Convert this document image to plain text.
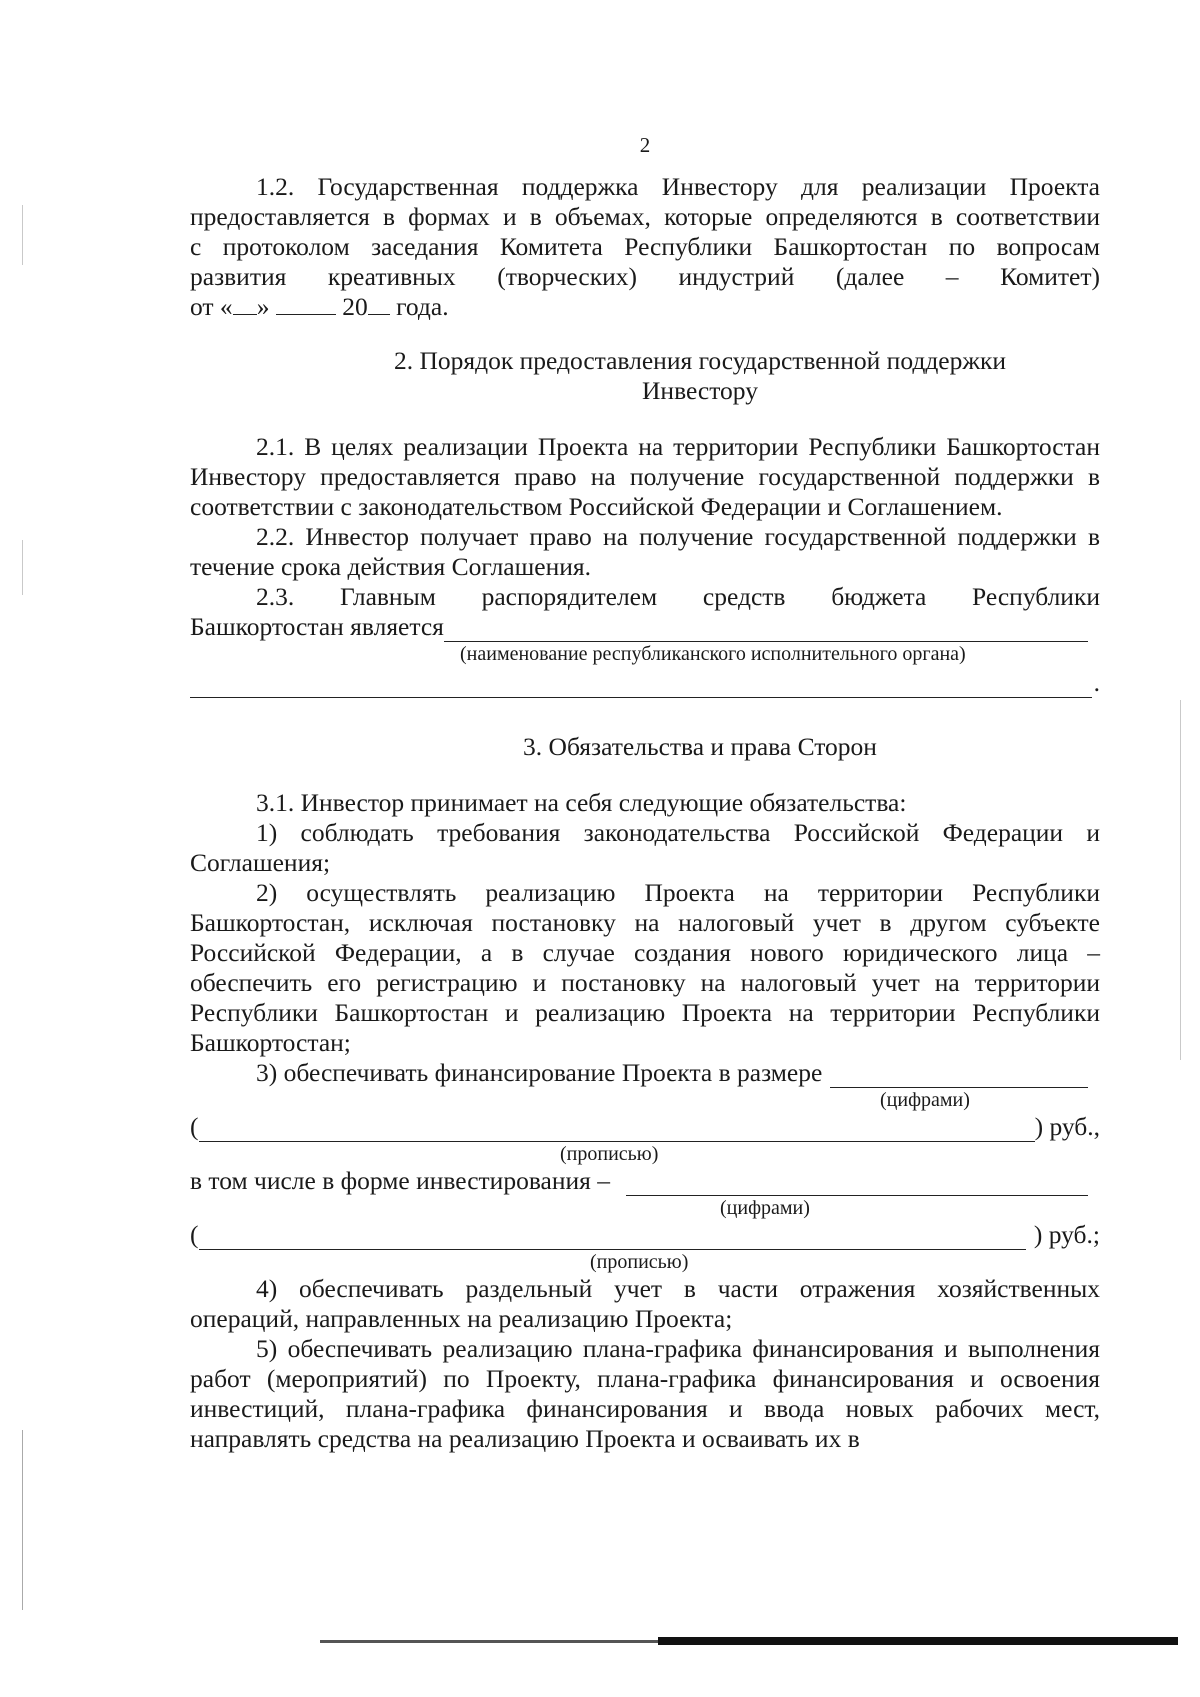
2

1.2. Государственная поддержка Инвестору для реализации Проекта

предоставляется в формах и в объемах, которые определяются в соответствии

с протоколом заседания Комитета Республики Башкортостан по вопросам

развития креативных (творческих) индустрий (далее – Комитет)

от « »	20 года.

2. Порядок предоставления государственной поддержки

Инвестору

2.1. В целях реализации Проекта на территории Республики Башкортостан Инвестору предоставляется право на получение государственной поддержки в соответствии с законодательством Российской Федерации и Соглашением.

2.2. Инвестор получает право на получение государственной поддержки в течение срока действия Соглашения.

2.3. Главным распорядителем средств бюджета Республики

Башкортостан является
(наименование республиканского исполнительного органа)
.

3. Обязательства и права Сторон

3.1. Инвестор принимает на себя следующие обязательства:

1) соблюдать требования законодательства Российской Федерации и Соглашения;

2) осуществлять реализацию Проекта на территории Республики Башкортостан, исключая постановку на налоговый учет в другом субъекте Российской Федерации, а в случае создания нового юридического лица – обеспечить его регистрацию и постановку на налоговый учет на территории Республики Башкортостан и реализацию Проекта на территории Республики Башкортостан;

3) обеспечивать финансирование Проекта в размере
(цифрами)
(	) руб.,
(прописью)
в том числе в форме инвестирования –
(цифрами)
(	) руб.;
(прописью)

4) обеспечивать раздельный учет в части отражения хозяйственных операций, направленных на реализацию Проекта;

5) обеспечивать реализацию плана-графика финансирования и выполнения работ (мероприятий) по Проекту, плана-графика финансирования и освоения инвестиций, плана-графика финансирования и ввода новых рабочих мест, направлять средства на реализацию Проекта и осваивать их в
